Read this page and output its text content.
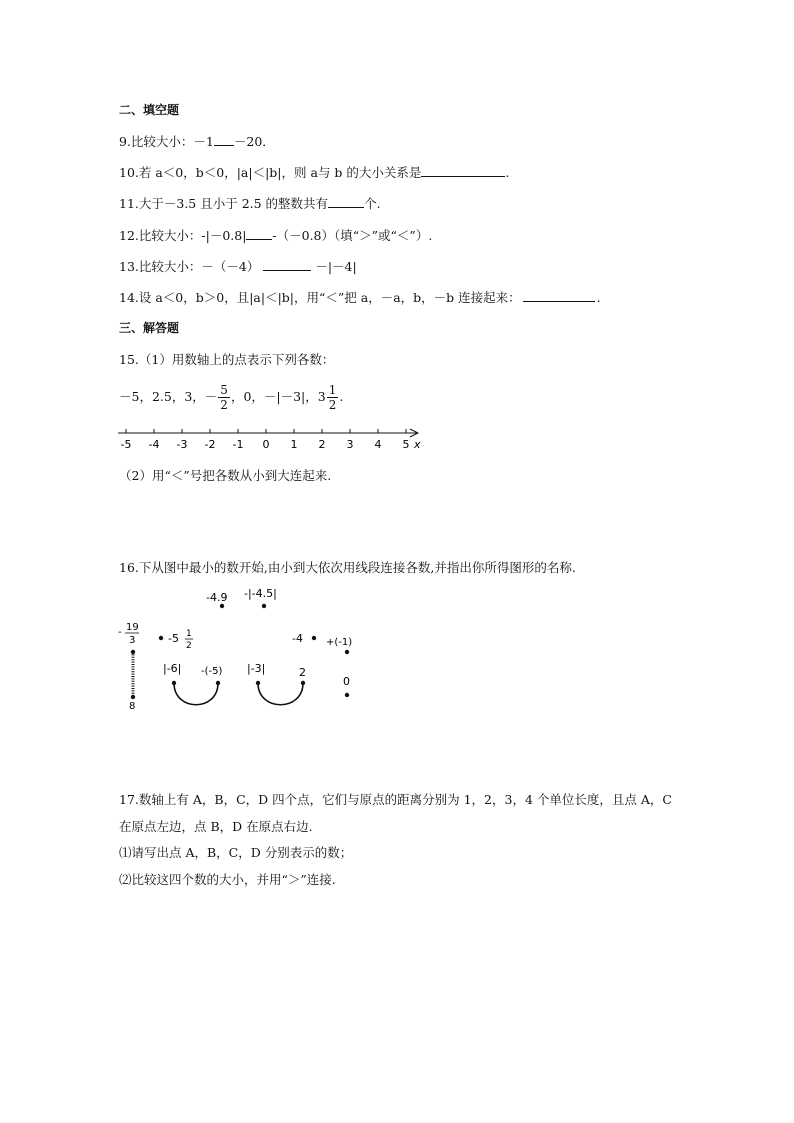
二、填空题
9.比较大小：－1 －20．
10.若 a＜0，b＜0，|a|＜|b|，则 a与 b 的大小关系是	.
11.大于－3.5 且小于 2.5 的整数共有	个.
12.比较大小：-|－0.8| -（－0.8）（填“＞”或“＜”）.
13.比较大小：－（－4）	－|－4|
14.设 a＜0，b＞0，且|a|＜|b|，用“＜”把 a，－a，b，－b 连接起来：	.
三、解答题
15.（1）用数轴上的点表示下列各数：
－5，2.5，3，－ $\frac{5}{2}$ ，0，－|－3|，$3 \frac{1}{2}$ .
-5 -4 -3 -2 -1 0 1 2 3 4 5 x
（2）用“＜”号把各数从小到大连起来.
16.下从图中最小的数开始,由小到大依次用线段连接各数,并指出你所得图形的名称.
-4.9 -|-4.5|
- 19
3
8
-5 1
2
-4 +(-1)
|-6| -(-5) |-3|	2
0
17.数轴上有 A，B，C，D 四个点，它们与原点的距离分别为 1，2，3，4 个单位长度，且点 A，C
在原点左边，点 B，D 在原点右边.
⑴请写出点 A，B，C，D 分别表示的数；
⑵比较这四个数的大小，并用“＞”连接.
